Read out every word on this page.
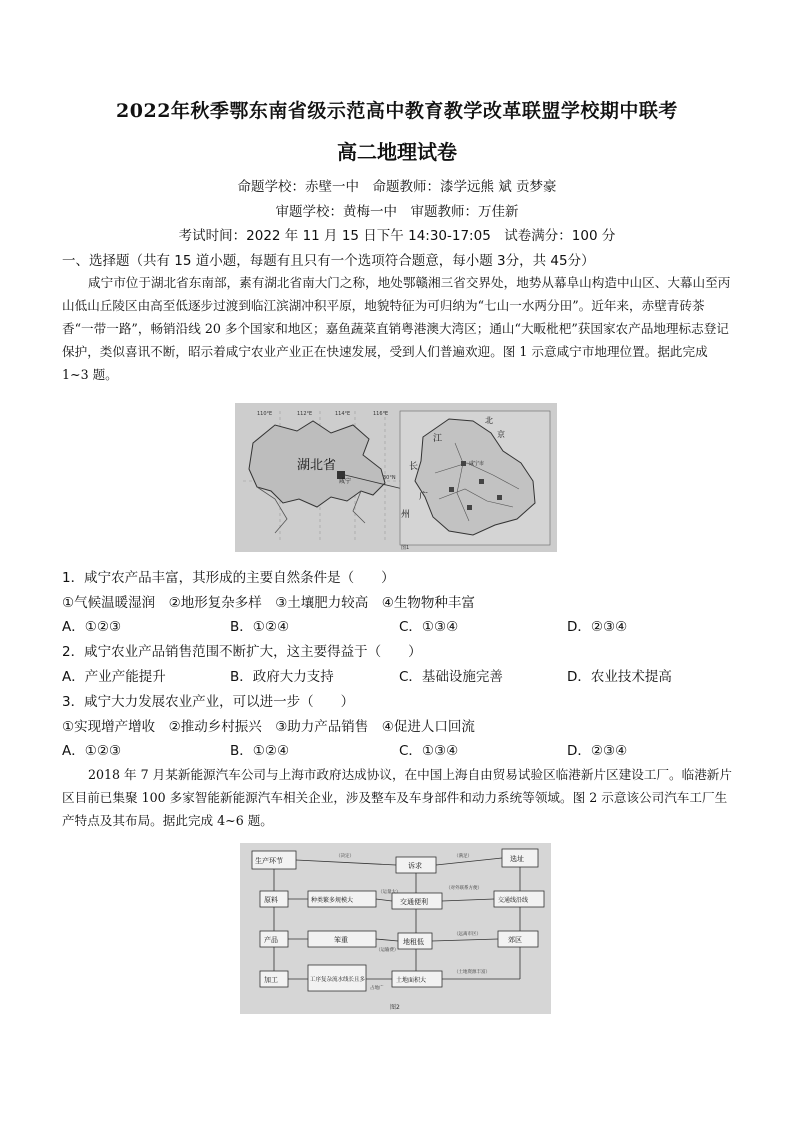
2022年秋季鄂东南省级示范高中教育教学改革联盟学校期中联考
高二地理试卷
命题学校：赤壁一中　命题教师：漆学远熊 斌 贡梦豪
审题学校：黄梅一中　审题教师：万佳新
考试时间：2022 年 11 月 15 日下午 14:30-17:05　试卷满分：100 分
一、选择题（共有 15 道小题，每题有且只有一个选项符合题意，每小题 3分，共 45分）
咸宁市位于湖北省东南部，素有湖北省南大门之称，地处鄂赣湘三省交界处，地势从幕阜山构造中山区、大幕山至丙山低山丘陵区由高至低逐步过渡到临江滨湖冲积平原，地貌特征为可归纳为“七山一水两分田”。近年来，赤壁青砖茶香“一带一路”，畅销沿线 20 多个国家和地区；嘉鱼蔬菜直销粤港澳大湾区；通山“大畈枇杷”获国家农产品地理标志登记保护，类似喜讯不断，昭示着咸宁农业产业正在快速发展，受到人们普遍欢迎。图 1 示意咸宁市地理位置。据此完成 1~3 题。
湖北省
咸宁
110°E	112°E	114°E	116°E
30°N
咸宁市
江
长
广
州
北
京
图1
1．咸宁农产品丰富，其形成的主要自然条件是（　　）
①气候温暖湿润　②地形复杂多样　③土壤肥力较高　④生物物种丰富
A．①②③	B．①②④	C．①③④	D．②③④
2．咸宁农业产品销售范围不断扩大，这主要得益于（　　）
A．产业产能提升	B．政府大力支持	C．基础设施完善	D．农业技术提高
3．咸宁大力发展农业产业，可以进一步（　　）
①实现增产增收　②推动乡村振兴　③助力产品销售　④促进人口回流
A．①②③	B．①②④	C．①③④	D．②③④
2018 年 7 月某新能源汽车公司与上海市政府达成协议，在中国上海自由贸易试验区临港新片区建设工厂。临港新片区目前已集聚 100 多家智能新能源汽车相关企业，涉及整车及车身部件和动力系统等领域。图 2 示意该公司汽车工厂生产特点及其布局。据此完成 4~6 题。
生产环节
诉求
选址
原料	种类繁多规模大	交通便利	交通线沿线
产品	笨重	地租低	郊区
加工	工序复杂流水线长且多	土地面积大
（决定）	（满足）
（运量大）
（对外联系方便）
（运输费）
（远离市区）
（土地资源丰富）
占地广
图2
